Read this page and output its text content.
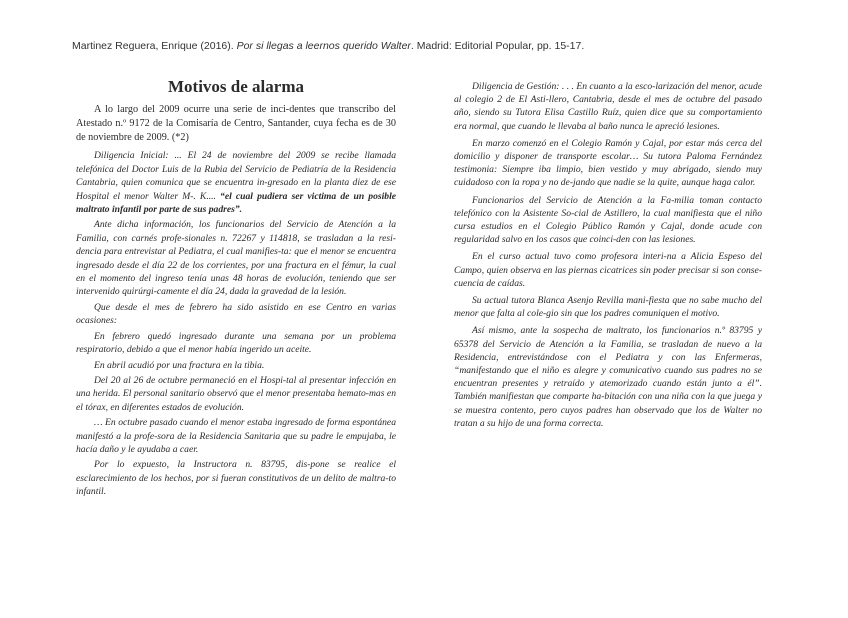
Martinez Reguera, Enrique (2016). Por si llegas a leernos querido Walter. Madrid: Editorial Popular, pp. 15-17.
Motivos de alarma

A lo largo del 2009 ocurre una serie de inci-dentes que transcribo del Atestado n.º 9172 de la Comisaría de Centro, Santander, cuya fecha es de 30 de noviembre de 2009. (*2)

Diligencia Inicial: ... El 24 de noviembre del 2009 se recibe llamada telefónica del Doctor Luis de la Rubia del Servicio de Pediatría de la Residencia Cantabria, quien comunica que se encuentra in-gresado en la planta diez de ese Hospital el menor Walter M-. K.... “el cual pudiera ser victima de un posible maltrato infantil por parte de sus padres”.

Ante dicha información, los funcionarios del Servicio de Atención a la Familia, con carnés profe-sionales n. 72267 y 114818, se trasladan a la resi-dencia para entrevistar al Pediatra, el cual manifies-ta: que el menor se encuentra ingresado desde el día 22 de los corrientes, por una fractura en el fémur, la cual en el momento del ingreso tenía unas 48 horas de evolución, teniendo que ser intervenido quirúrgi-camente el día 24, dada la gravedad de la lesión.

Que desde el mes de febrero ha sido asistido en ese Centro en varias ocasiones:

En febrero quedó ingresado durante una semana por un problema respiratorio, debido a que el menor había ingerido un aceite.

En abril acudió por una fractura en la tibia.

Del 20 al 26 de octubre permaneció en el Hospi-tal al presentar infección en una herida. El personal sanitario observó que el menor presentaba hemato-mas en el tórax, en diferentes estados de evolución.

… En octubre pasado cuando el menor estaba ingresado de forma espontánea manifestó a la profe-sora de la Residencia Sanitaria que su padre le empujaba, le hacía daño y le ayudaba a caer.

Por lo expuesto, la Instructora n. 83795, dis-pone se realice el esclarecimiento de los hechos, por si fueran constitutivos de un delito de maltra-to infantil.

Diligencia de Gestión: . . . En cuanto a la esco-larización del menor, acude al colegio 2 de El Asti-llero, Cantabria, desde el mes de octubre del pasado año, siendo su Tutora Elisa Castillo Ruíz, quien dice que su comportamiento era normal, que cuando le llevaba al baño nunca le apreció lesiones.

En marzo comenzó en el Colegio Ramón y Cajal, por estar más cerca del domicilio y disponer de transporte escolar… Su tutora Paloma Fernández testimonia: Siempre iba limpio, bien vestido y muy abrigado, siendo muy cuidadoso con la ropa y no de-jando que nadie se la quite, aunque haga calor.

Funcionarios del Servicio de Atención a la Fa-milia toman contacto telefónico con la Asistente So-cial de Astillero, la cual manifiesta que el niño cursa estudios en el Colegio Público Ramón y Cajal, donde acude con regularidad salvo en los casos que coinci-den con las lesiones.

En el curso actual tuvo como profesora interi-na a Alicia Espeso del Campo, quien observa en las piernas cicatrices sin poder precisar si son conse-cuencia de caídas.

Su actual tutora Blanca Asenjo Revilla mani-fiesta que no sabe mucho del menor que falta al cole-gio sin que los padres comuniquen el motivo.

Así mismo, ante la sospecha de maltrato, los funcionarios n.º 83795 y 65378 del Servicio de Atención a la Familia, se trasladan de nuevo a la Residencia, entrevistándose con el Pediatra y con las Enfermeras, “manifestando que el niño es alegre y comunicativo cuando sus padres no se encuentran presentes y retraído y atemorizado cuando están junto a él”. También manifiestan que comparte ha-bitación con una niña con la que juega y se muestra contento, pero cuyos padres han observado que los de Walter no tratan a su hijo de una forma correcta.
